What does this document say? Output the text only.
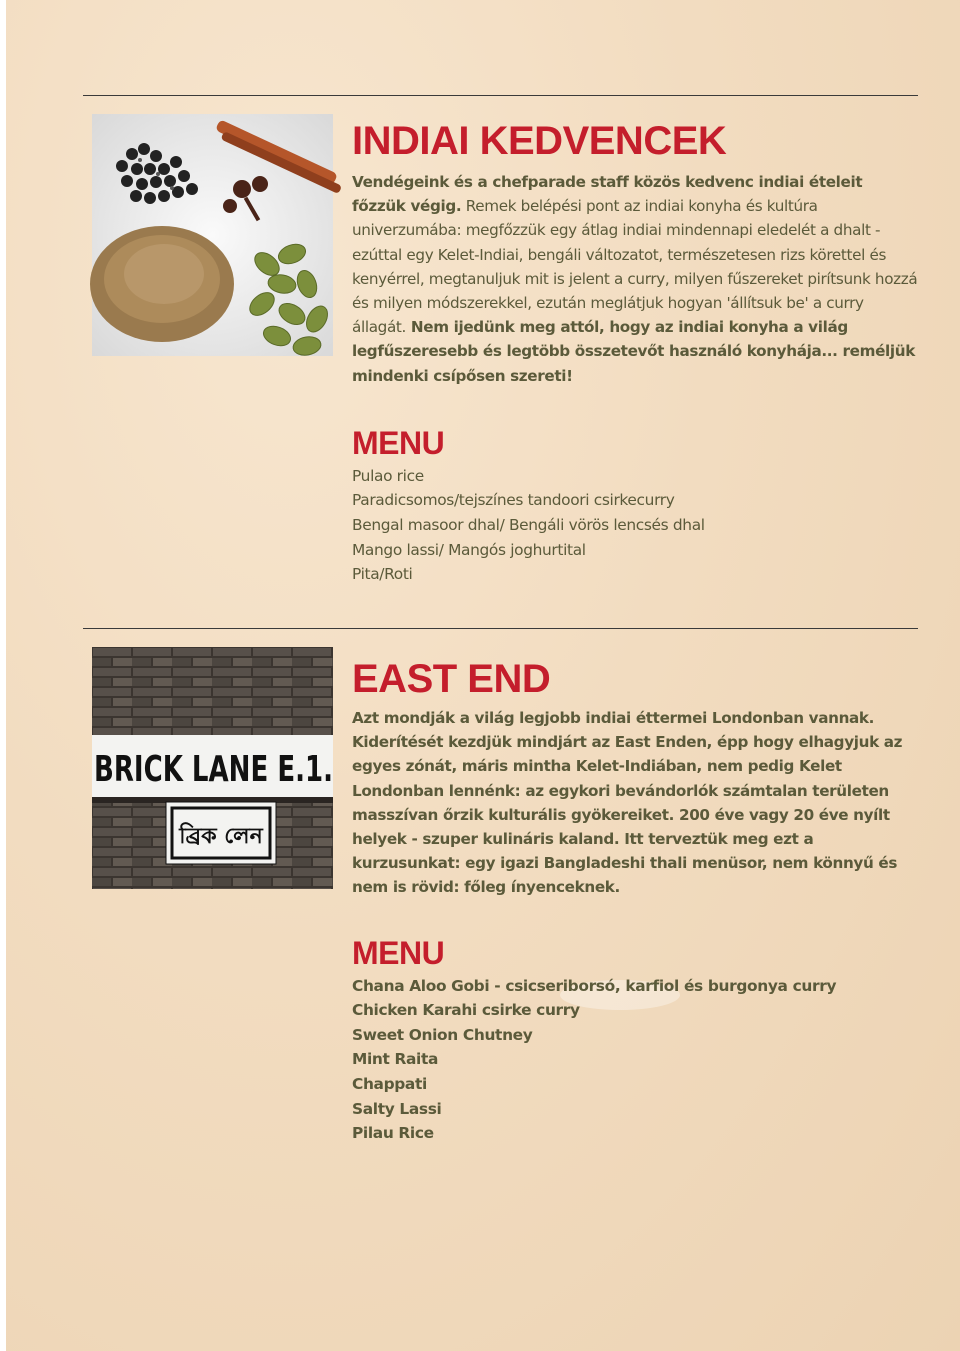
INDIAI KEDVENCEK

Vendégeink és a chefparade staff közös kedvenc indiai ételeit főzzük végig. Remek belépési pont az indiai konyha és kultúra univerzumába: megfőzzük egy átlag indiai mindennapi eledelét a dhalt - ezúttal egy Kelet-Indiai, bengáli változatot, természetesen rizs körettel és kenyérrel, megtanuljuk mit is jelent a curry, milyen fűszereket pirítsunk hozzá és milyen módszerekkel, ezután meglátjuk hogyan 'állítsuk be' a curry állagát. Nem ijedünk meg attól, hogy az indiai konyha a világ legfűszeresebb és legtöbb összetevőt használó konyhája... reméljük mindenki csípősen szereti!

MENU
Pulao rice
Paradicsomos/tejszínes tandoori csirkecurry
Bengal masoor dhal/ Bengáli vörös lencsés dhal
Mango lassi/ Mangós joghurtital
Pita/Roti
BRICK LANE E.1.
ব্রিক লেন
EAST END

Azt mondják a világ legjobb indiai éttermei Londonban vannak. Kiderítését kezdjük mindjárt az East Enden, épp hogy elhagyjuk az egyes zónát, máris mintha Kelet-Indiában, nem pedig Kelet Londonban lennénk: az egykori bevándorlók számtalan területen masszívan őrzik kulturális gyökereiket. 200 éve vagy 20 éve nyílt helyek - szuper kulináris kaland. Itt terveztük meg ezt a kurzusunkat: egy igazi Bangladeshi thali menüsor, nem könnyű és nem is rövid: főleg ínyenceknek.

MENU
Chana Aloo Gobi - csicseriborsó, karfiol és burgonya curry
Chicken Karahi csirke curry
Sweet Onion Chutney
Mint Raita
Chappati
Salty Lassi
Pilau Rice
